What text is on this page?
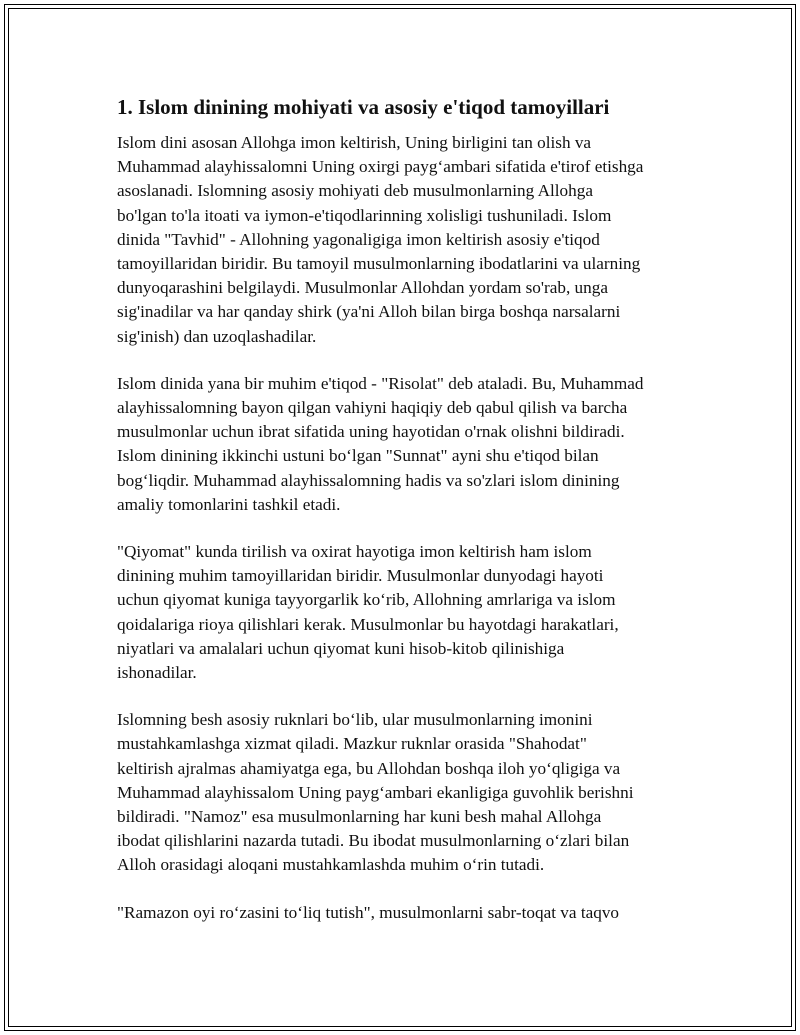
1. Islom dinining mohiyati va asosiy e'tiqod tamoyillari

Islom dini asosan Allohga imon keltirish, Uning birligini tan olish va
Muhammad alayhissalomni Uning oxirgi payg‘ambari sifatida e'tirof etishga
asoslanadi. Islomning asosiy mohiyati deb musulmonlarning Allohga
bo'lgan to'la itoati va iymon-e'tiqodlarinning xolisligi tushuniladi. Islom
dinida "Tavhid" - Allohning yagonaligiga imon keltirish asosiy e'tiqod
tamoyillaridan biridir. Bu tamoyil musulmonlarning ibodatlarini va ularning
dunyoqarashini belgilaydi. Musulmonlar Allohdan yordam so'rab, unga
sig'inadilar va har qanday shirk (ya'ni Alloh bilan birga boshqa narsalarni
sig'inish) dan uzoqlashadilar.

Islom dinida yana bir muhim e'tiqod - "Risolat" deb ataladi. Bu, Muhammad
alayhissalomning bayon qilgan vahiyni haqiqiy deb qabul qilish va barcha
musulmonlar uchun ibrat sifatida uning hayotidan o'rnak olishni bildiradi.
Islom dinining ikkinchi ustuni bo‘lgan "Sunnat" ayni shu e'tiqod bilan
bog‘liqdir. Muhammad alayhissalomning hadis va so'zlari islom dinining
amaliy tomonlarini tashkil etadi.

"Qiyomat" kunda tirilish va oxirat hayotiga imon keltirish ham islom
dinining muhim tamoyillaridan biridir. Musulmonlar dunyodagi hayoti
uchun qiyomat kuniga tayyorgarlik ko‘rib, Allohning amrlariga va islom
qoidalariga rioya qilishlari kerak. Musulmonlar bu hayotdagi harakatlari,
niyatlari va amalalari uchun qiyomat kuni hisob-kitob qilinishiga
ishonadilar.

Islomning besh asosiy ruknlari bo‘lib, ular musulmonlarning imonini
mustahkamlashga xizmat qiladi. Mazkur ruknlar orasida "Shahodat"
keltirish ajralmas ahamiyatga ega, bu Allohdan boshqa iloh yo‘qligiga va
Muhammad alayhissalom Uning payg‘ambari ekanligiga guvohlik berishni
bildiradi. "Namoz" esa musulmonlarning har kuni besh mahal Allohga
ibodat qilishlarini nazarda tutadi. Bu ibodat musulmonlarning o‘zlari bilan
Alloh orasidagi aloqani mustahkamlashda muhim o‘rin tutadi.

"Ramazon oyi ro‘zasini to‘liq tutish", musulmonlarni sabr-toqat va taqvo
